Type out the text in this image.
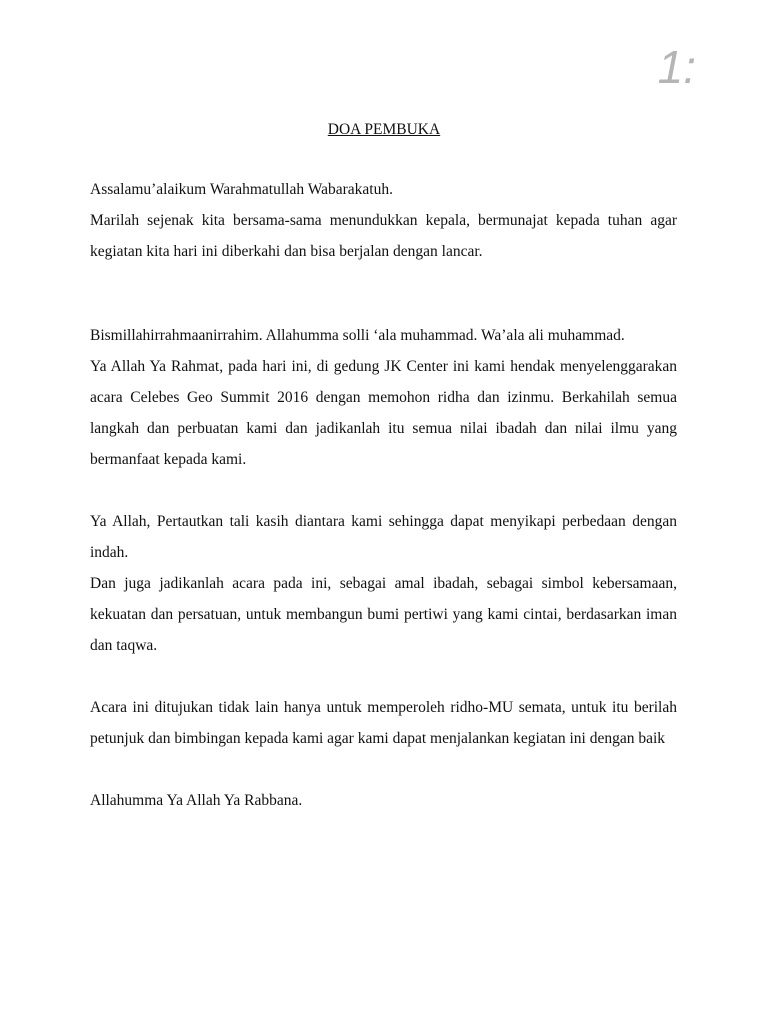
1:
DOA PEMBUKA

Assalamu’alaikum Warahmatullah Wabarakatuh.

Marilah sejenak kita bersama-sama menundukkan kepala, bermunajat kepada tuhan agar kegiatan kita hari ini diberkahi dan bisa berjalan dengan lancar.

Bismillahirrahmaanirrahim. Allahumma solli ‘ala muhammad. Wa’ala ali muhammad.

Ya Allah Ya Rahmat, pada hari ini, di gedung JK Center ini kami hendak menyelenggarakan acara Celebes Geo Summit 2016 dengan memohon ridha dan izinmu. Berkahilah semua langkah dan perbuatan kami dan jadikanlah itu semua nilai ibadah dan nilai ilmu yang bermanfaat kepada kami.

Ya Allah, Pertautkan tali kasih diantara kami sehingga dapat menyikapi perbedaan dengan indah.

Dan juga jadikanlah acara pada ini, sebagai amal ibadah, sebagai simbol kebersamaan, kekuatan dan persatuan, untuk membangun bumi pertiwi yang kami cintai, berdasarkan iman dan taqwa.

Acara ini ditujukan tidak lain hanya untuk memperoleh ridho-MU semata, untuk itu berilah petunjuk dan bimbingan kepada kami agar kami dapat menjalankan kegiatan ini dengan baik

Allahumma Ya Allah Ya Rabbana.
